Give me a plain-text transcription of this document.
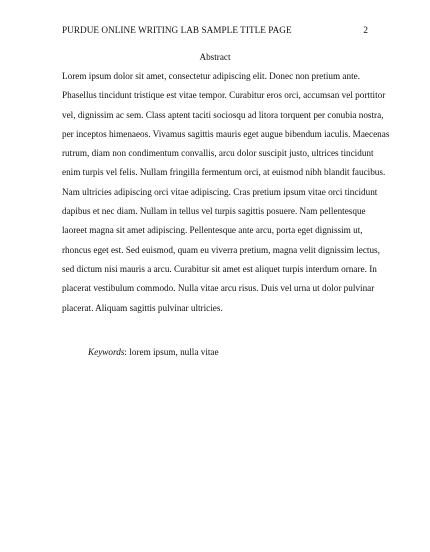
PURDUE ONLINE WRITING LAB SAMPLE TITLE PAGE	2
Abstract
Lorem ipsum dolor sit amet, consectetur adipiscing elit. Donec non pretium ante.
Phasellus tincidunt tristique est vitae tempor. Curabitur eros orci, accumsan vel porttitor
vel, dignissim ac sem. Class aptent taciti sociosqu ad litora torquent per conubia nostra,
per inceptos himenaeos. Vivamus sagittis mauris eget augue bibendum iaculis. Maecenas
rutrum, diam non condimentum convallis, arcu dolor suscipit justo, ultrices tincidunt
enim turpis vel felis. Nullam fringilla fermentum orci, at euismod nibh blandit faucibus.
Nam ultricies adipiscing orci vitae adipiscing. Cras pretium ipsum vitae orci tincidunt
dapibus et nec diam. Nullam in tellus vel turpis sagittis posuere. Nam pellentesque
laoreet magna sit amet adipiscing. Pellentesque ante arcu, porta eget dignissim ut,
rhoncus eget est. Sed euismod, quam eu viverra pretium, magna velit dignissim lectus,
sed dictum nisi mauris a arcu. Curabitur sit amet est aliquet turpis interdum ornare. In
placerat vestibulum commodo. Nulla vitae arcu risus. Duis vel urna ut dolor pulvinar
placerat. Aliquam sagittis pulvinar ultricies.
Keywords: lorem ipsum, nulla vitae
